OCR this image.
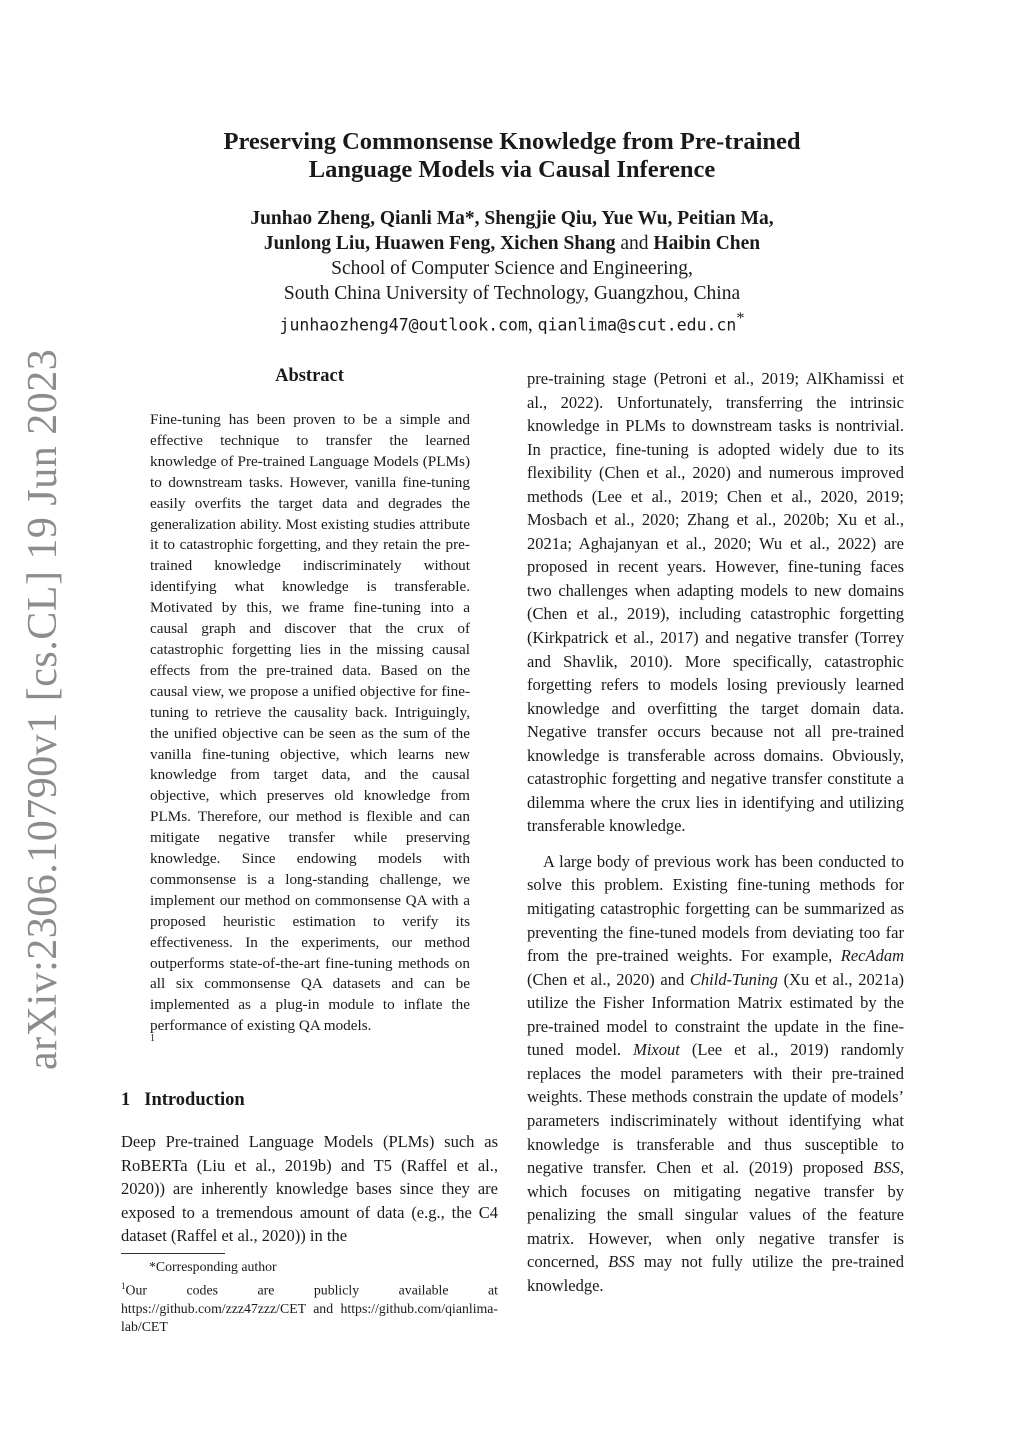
arXiv:2306.10790v1 [cs.CL] 19 Jun 2023
Preserving Commonsense Knowledge from Pre-trained
Language Models via Causal Inference
Junhao Zheng, Qianli Ma*, Shengjie Qiu, Yue Wu, Peitian Ma,
Junlong Liu, Huawen Feng, Xichen Shang and Haibin Chen
School of Computer Science and Engineering,
South China University of Technology, Guangzhou, China
junhaozheng47@outlook.com, qianlima@scut.edu.cn*
Abstract
Fine-tuning has been proven to be a simple and effective technique to transfer the learned knowledge of Pre-trained Language Models (PLMs) to downstream tasks. However, vanilla fine-tuning easily overfits the target data and degrades the generalization ability. Most existing studies attribute it to catastrophic forgetting, and they retain the pre-trained knowledge indiscriminately without identifying what knowledge is transferable. Motivated by this, we frame fine-tuning into a causal graph and discover that the crux of catastrophic forgetting lies in the missing causal effects from the pre-trained data. Based on the causal view, we propose a unified objective for fine-tuning to retrieve the causality back. Intriguingly, the unified objective can be seen as the sum of the vanilla fine-tuning objective, which learns new knowledge from target data, and the causal objective, which preserves old knowledge from PLMs. Therefore, our method is flexible and can mitigate negative transfer while preserving knowledge. Since endowing models with commonsense is a long-standing challenge, we implement our method on commonsense QA with a proposed heuristic estimation to verify its effectiveness. In the experiments, our method outperforms state-of-the-art fine-tuning methods on all six commonsense QA datasets and can be implemented as a plug-in module to inflate the performance of existing QA models.
1
1 Introduction
Deep Pre-trained Language Models (PLMs) such as RoBERTa (Liu et al., 2019b) and T5 (Raffel et al., 2020)) are inherently knowledge bases since they are exposed to a tremendous amount of data (e.g., the C4 dataset (Raffel et al., 2020)) in the
*Corresponding author
$^1$Our codes are publicly available at https://github.com/zzz47zzz/CET and https://github.com/qianlima-lab/CET

pre-training stage (Petroni et al., 2019; AlKhamissi et al., 2022). Unfortunately, transferring the intrinsic knowledge in PLMs to downstream tasks is nontrivial. In practice, fine-tuning is adopted widely due to its flexibility (Chen et al., 2020) and numerous improved methods (Lee et al., 2019; Chen et al., 2020, 2019; Mosbach et al., 2020; Zhang et al., 2020b; Xu et al., 2021a; Aghajanyan et al., 2020; Wu et al., 2022) are proposed in recent years. However, fine-tuning faces two challenges when adapting models to new domains (Chen et al., 2019), including catastrophic forgetting (Kirkpatrick et al., 2017) and negative transfer (Torrey and Shavlik, 2010). More specifically, catastrophic forgetting refers to models losing previously learned knowledge and overfitting the target domain data. Negative transfer occurs because not all pre-trained knowledge is transferable across domains. Obviously, catastrophic forgetting and negative transfer constitute a dilemma where the crux lies in identifying and utilizing transferable knowledge.

A large body of previous work has been conducted to solve this problem. Existing fine-tuning methods for mitigating catastrophic forgetting can be summarized as preventing the fine-tuned models from deviating too far from the pre-trained weights. For example, RecAdam (Chen et al., 2020) and Child-Tuning (Xu et al., 2021a) utilize the Fisher Information Matrix estimated by the pre-trained model to constraint the update in the fine-tuned model. Mixout (Lee et al., 2019) randomly replaces the model parameters with their pre-trained weights. These methods constrain the update of models’ parameters indiscriminately without identifying what knowledge is transferable and thus susceptible to negative transfer. Chen et al. (2019) proposed BSS, which focuses on mitigating negative transfer by penalizing the small singular values of the feature matrix. However, when only negative transfer is concerned, BSS may not fully utilize the pre-trained knowledge.
